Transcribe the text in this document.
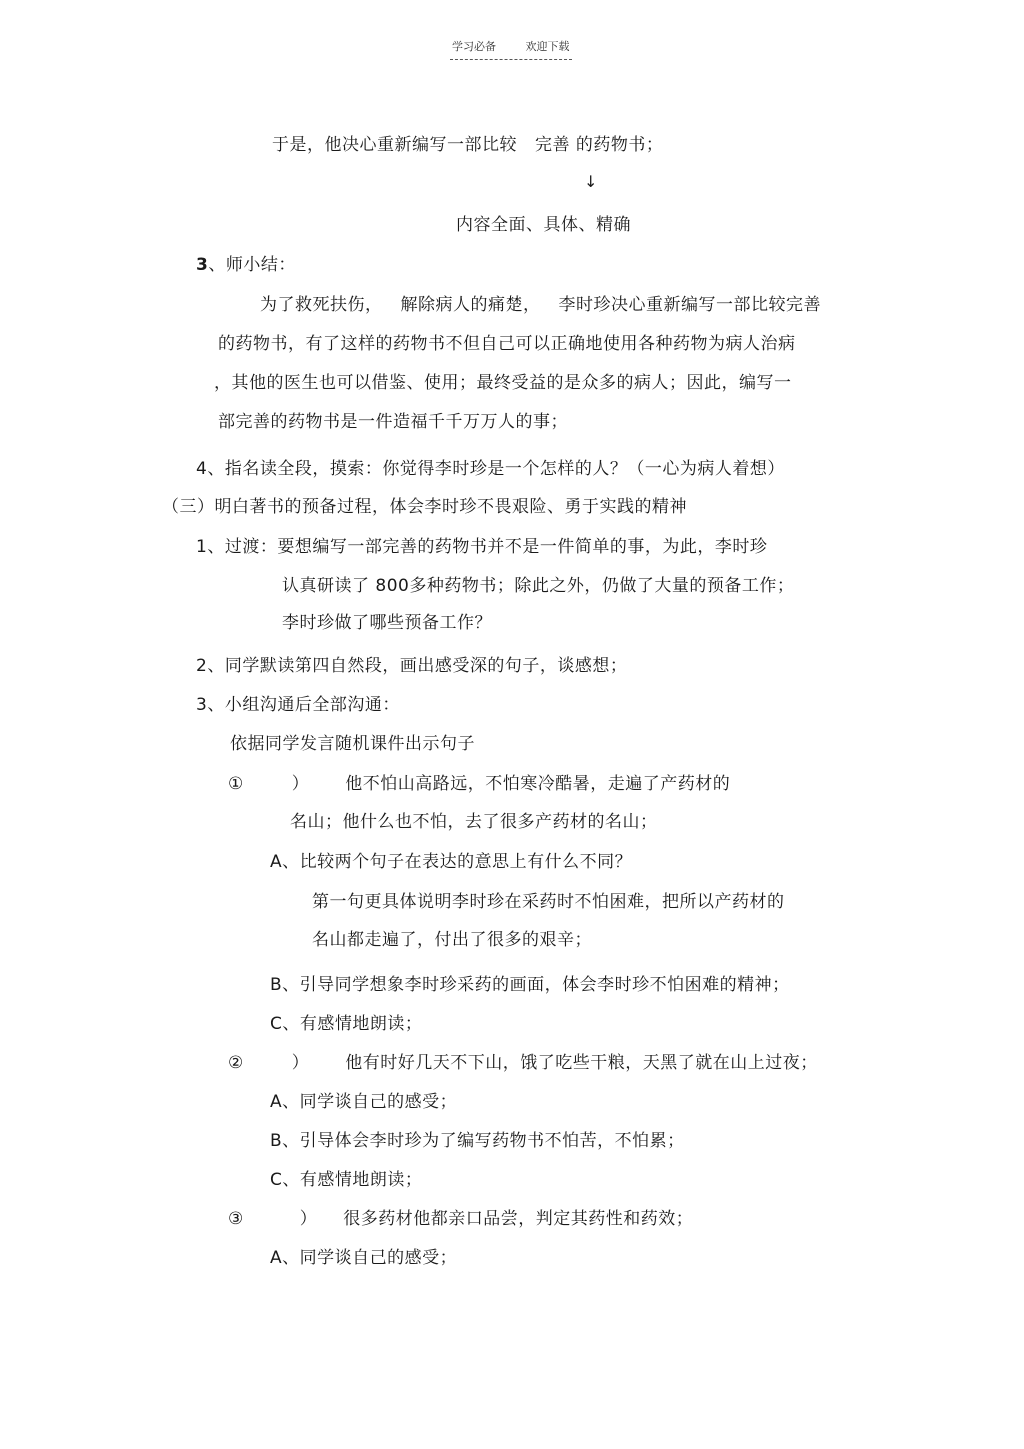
学习必备	欢迎下载
于是，他决心重新编写一部比较 完善 的药物书；
↓
内容全面、具体、精确
3、师小结：
为了救死扶伤， 解除病人的痛楚， 李时珍决心重新编写一部比较完善
的药物书，有了这样的药物书不但自己可以正确地使用各种药物为病人治病
，其他的医生也可以借鉴、使用；最终受益的是众多的病人；因此，编写一
部完善的药物书是一件造福千千万万人的事；
4、指名读全段，摸索：你觉得李时珍是一个怎样的人？（一心为病人着想）
（三）明白著书的预备过程，体会李时珍不畏艰险、勇于实践的精神
1、过渡：要想编写一部完善的药物书并不是一件简单的事，为此，李时珍
认真研读了 800多种药物书；除此之外，仍做了大量的预备工作；
李时珍做了哪些预备工作？
2、同学默读第四自然段，画出感受深的句子，谈感想；
3、小组沟通后全部沟通：
依据同学发言随机课件出示句子
①	） 他不怕山高路远，不怕寒冷酷暑，走遍了产药材的
名山；他什么也不怕，去了很多产药材的名山；
A、比较两个句子在表达的意思上有什么不同？
第一句更具体说明李时珍在采药时不怕困难，把所以产药材的
名山都走遍了，付出了很多的艰辛；
B、引导同学想象李时珍采药的画面，体会李时珍不怕困难的精神；
C、有感情地朗读；
②	） 他有时好几天不下山，饿了吃些干粮，天黑了就在山上过夜；
A、同学谈自己的感受；
B、引导体会李时珍为了编写药物书不怕苦，不怕累；
C、有感情地朗读；
③	） 很多药材他都亲口品尝，判定其药性和药效；
A、同学谈自己的感受；
